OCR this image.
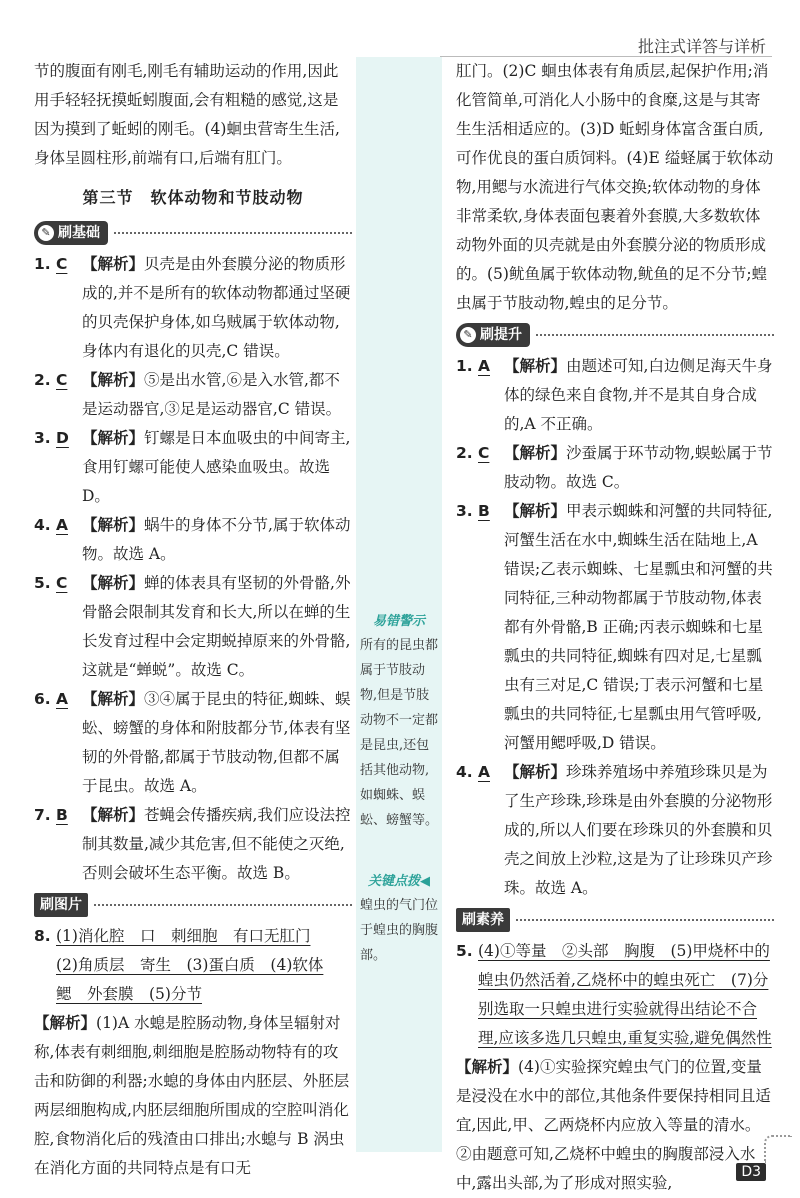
批注式详答与详析

节的腹面有刚毛,刚毛有辅助运动的作用,因此用手轻轻抚摸蚯蚓腹面,会有粗糙的感觉,这是因为摸到了蚯蚓的刚毛。(4)蛔虫营寄生生活,身体呈圆柱形,前端有口,后端有肛门。

第三节　软体动物和节肢动物
✎ 刷基础
1. C 【解析】贝壳是由外套膜分泌的物质形成的,并不是所有的软体动物都通过坚硬的贝壳保护身体,如乌贼属于软体动物,身体内有退化的贝壳,C 错误。
2. C 【解析】⑤是出水管,⑥是入水管,都不是运动器官,③足是运动器官,C 错误。
3. D 【解析】钉螺是日本血吸虫的中间寄主,食用钉螺可能使人感染血吸虫。故选 D。
4. A 【解析】蜗牛的身体不分节,属于软体动物。故选 A。
5. C 【解析】蝉的体表具有坚韧的外骨骼,外骨骼会限制其发育和长大,所以在蝉的生长发育过程中会定期蜕掉原来的外骨骼,这就是“蝉蜕”。故选 C。
6. A 【解析】③④属于昆虫的特征,蜘蛛、蜈蚣、螃蟹的身体和附肢都分节,体表有坚韧的外骨骼,都属于节肢动物,但都不属于昆虫。故选 A。
7. B 【解析】苍蝇会传播疾病,我们应设法控制其数量,减少其危害,但不能使之灭绝,否则会破坏生态平衡。故选 B。
刷图片
8. (1)消化腔　口　刺细胞　有口无肛门
(2)角质层　寄生　(3)蛋白质　(4)软体
鳃　外套膜　(5)分节

【解析】(1)A 水螅是腔肠动物,身体呈辐射对称,体表有刺细胞,刺细胞是腔肠动物特有的攻击和防御的利器;水螅的身体由内胚层、外胚层两层细胞构成,内胚层细胞所围成的空腔叫消化腔,食物消化后的残渣由口排出;水螅与 B 涡虫在消化方面的共同特点是有口无

易错警示
所有的昆虫都属于节肢动物,但是节肢动物不一定都是昆虫,还包括其他动物,如蜘蛛、蜈蚣、螃蟹等。
关键点拨◀
蝗虫的气门位于蝗虫的胸腹部。

肛门。(2)C 蛔虫体表有角质层,起保护作用;消化管简单,可消化人小肠中的食糜,这是与其寄生生活相适应的。(3)D 蚯蚓身体富含蛋白质,可作优良的蛋白质饲料。(4)E 缢蛏属于软体动物,用鳃与水流进行气体交换;软体动物的身体非常柔软,身体表面包裹着外套膜,大多数软体动物外面的贝壳就是由外套膜分泌的物质形成的。(5)鱿鱼属于软体动物,鱿鱼的足不分节;蝗虫属于节肢动物,蝗虫的足分节。

✎ 刷提升
1. A 【解析】由题述可知,白边侧足海天牛身体的绿色来自食物,并不是其自身合成的,A 不正确。
2. C 【解析】沙蚕属于环节动物,蜈蚣属于节肢动物。故选 C。
3. B 【解析】甲表示蜘蛛和河蟹的共同特征,河蟹生活在水中,蜘蛛生活在陆地上,A 错误;乙表示蜘蛛、七星瓢虫和河蟹的共同特征,三种动物都属于节肢动物,体表都有外骨骼,B 正确;丙表示蜘蛛和七星瓢虫的共同特征,蜘蛛有四对足,七星瓢虫有三对足,C 错误;丁表示河蟹和七星瓢虫的共同特征,七星瓢虫用气管呼吸,河蟹用鳃呼吸,D 错误。
4. A 【解析】珍珠养殖场中养殖珍珠贝是为了生产珍珠,珍珠是由外套膜的分泌物形成的,所以人们要在珍珠贝的外套膜和贝壳之间放上沙粒,这是为了让珍珠贝产珍珠。故选 A。
刷素养
5. (4)①等量　②头部　胸腹　(5)甲烧杯中的蝗虫仍然活着,乙烧杯中的蝗虫死亡　(7)分别选取一只蝗虫进行实验就得出结论不合理,应该多选几只蝗虫,重复实验,避免偶然性

【解析】(4)①实验探究蝗虫气门的位置,变量是浸没在水中的部位,其他条件要保持相同且适宜,因此,甲、乙两烧杯内应放入等量的清水。②由题意可知,乙烧杯中蝗虫的胸腹部浸入水中,露出头部,为了形成对照实验,

D3
